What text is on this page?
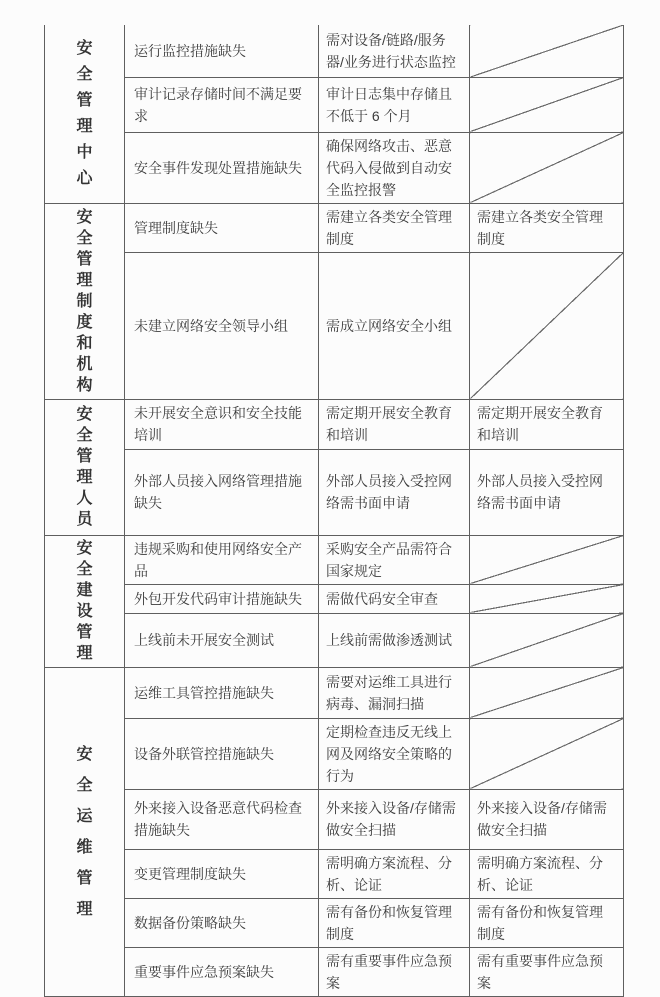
安全管理中心	运行监控措施缺失	需对设备/链路/服务器/业务进行状态监控	
	审计记录存储时间不满足要求	审计日志集中存储且不低于 6 个月	
	安全事件发现处置措施缺失	确保网络攻击、恶意代码入侵做到自动安全监控报警	

安全管理制度和机构	管理制度缺失	需建立各类安全管理制度	需建立各类安全管理制度
	未建立网络安全领导小组	需成立网络安全小组	

安全管理人员	未开展安全意识和安全技能培训	需定期开展安全教育和培训	需定期开展安全教育和培训
	外部人员接入网络管理措施缺失	外部人员接入受控网络需书面申请	外部人员接入受控网络需书面申请

安全建设管理	违规采购和使用网络安全产品	采购安全产品需符合国家规定	
	外包开发代码审计措施缺失	需做代码安全审查	
	上线前未开展安全测试	上线前需做渗透测试	

安全运维管理	运维工具管控措施缺失	需要对运维工具进行病毒、漏洞扫描	
	设备外联管控措施缺失	定期检查违反无线上网及网络安全策略的行为	
	外来接入设备恶意代码检查措施缺失	外来接入设备/存储需做安全扫描	外来接入设备/存储需做安全扫描
	变更管理制度缺失	需明确方案流程、分析、论证	需明确方案流程、分析、论证
	数据备份策略缺失	需有备份和恢复管理制度	需有备份和恢复管理制度
	重要事件应急预案缺失	需有重要事件应急预案	需有重要事件应急预案
